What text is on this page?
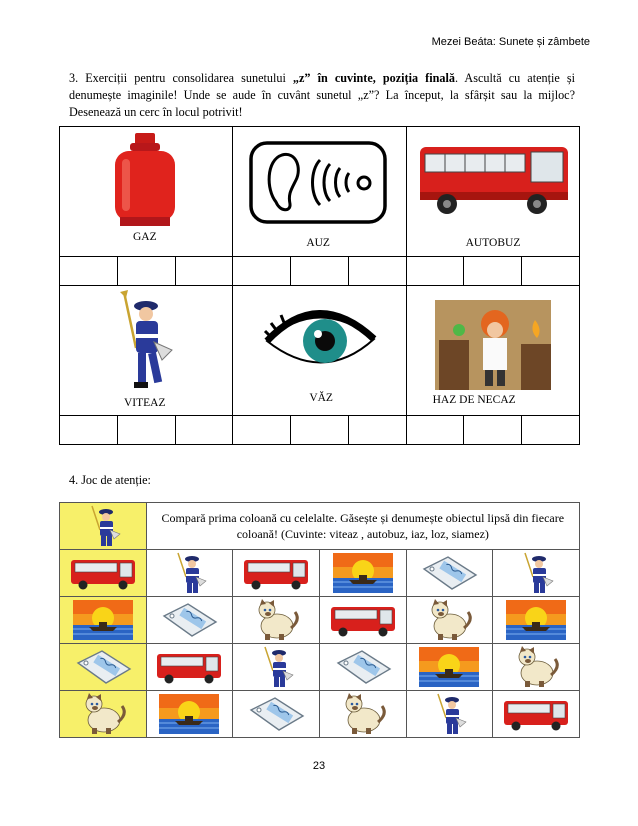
Mezei Beáta: Sunete și zâmbete
3. Exerciții pentru consolidarea sunetului „z” în cuvinte, poziția finală. Ascultă cu atenție și denumește imaginile! Unde se aude în cuvânt sunetul „z”? La început, la sfârșit sau la mijloc? Desenează un cerc în locul potrivit!
GAZ			AUZ			AUTOBUZ		

VITEAZ			VĂZ			HAZ DE NECAZ		

4. Joc de atenție:

Compară prima coloană cu celelalte. Găsește și denumește obiectul lipsă din fiecare coloană! (Cuvinte: viteaz , autobuz, iaz, loz, siamez)				

23
